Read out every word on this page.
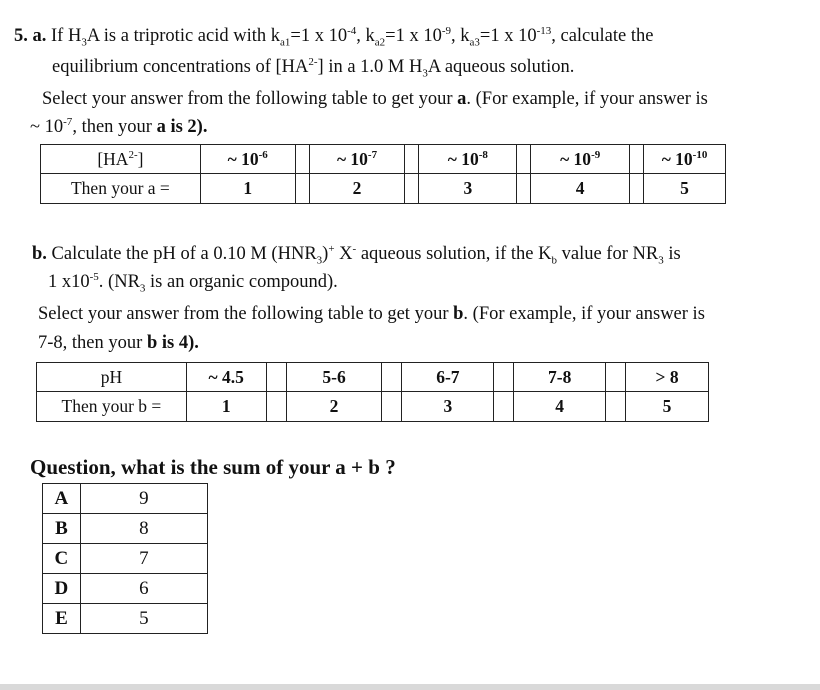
5. a. If $H_3A$ is a triprotic acid with $k_{a1}=1$ x $10^{-4}$, $k_{a2}=1$ x $10^{-9}$, $k_{a3}=1$ x $10^{-13}$, calculate the
equilibrium concentrations of $[HA^{2-}]$ in a 1.0 M $H_3A$ aqueous solution.
Select your answer from the following table to get your a. (For example, if your answer is
~ $10^{-7}$, then your a is 2).
$[HA^{2-}]$	~ $10^{-6}$		~ $10^{-7}$		~ $10^{-8}$		~ $10^{-9}$		~ $10^{-10}$
Then your a =	1		2		3		4		5
b. Calculate the pH of a 0.10 M $(HNR_3)^+$ X- aqueous solution, if the $K_b$ value for $NR_3$ is
1 $x10^{-5}$. ($NR_3$ is an organic compound).
Select your answer from the following table to get your b. (For example, if your answer is
7-8, then your b is 4).
pH	~ 4.5		5-6		6-7		7-8		> 8
Then your b =	1		2		3		4		5
Question, what is the sum of your a + b ?
A	9
B	8
C	7
D	6
E	5
